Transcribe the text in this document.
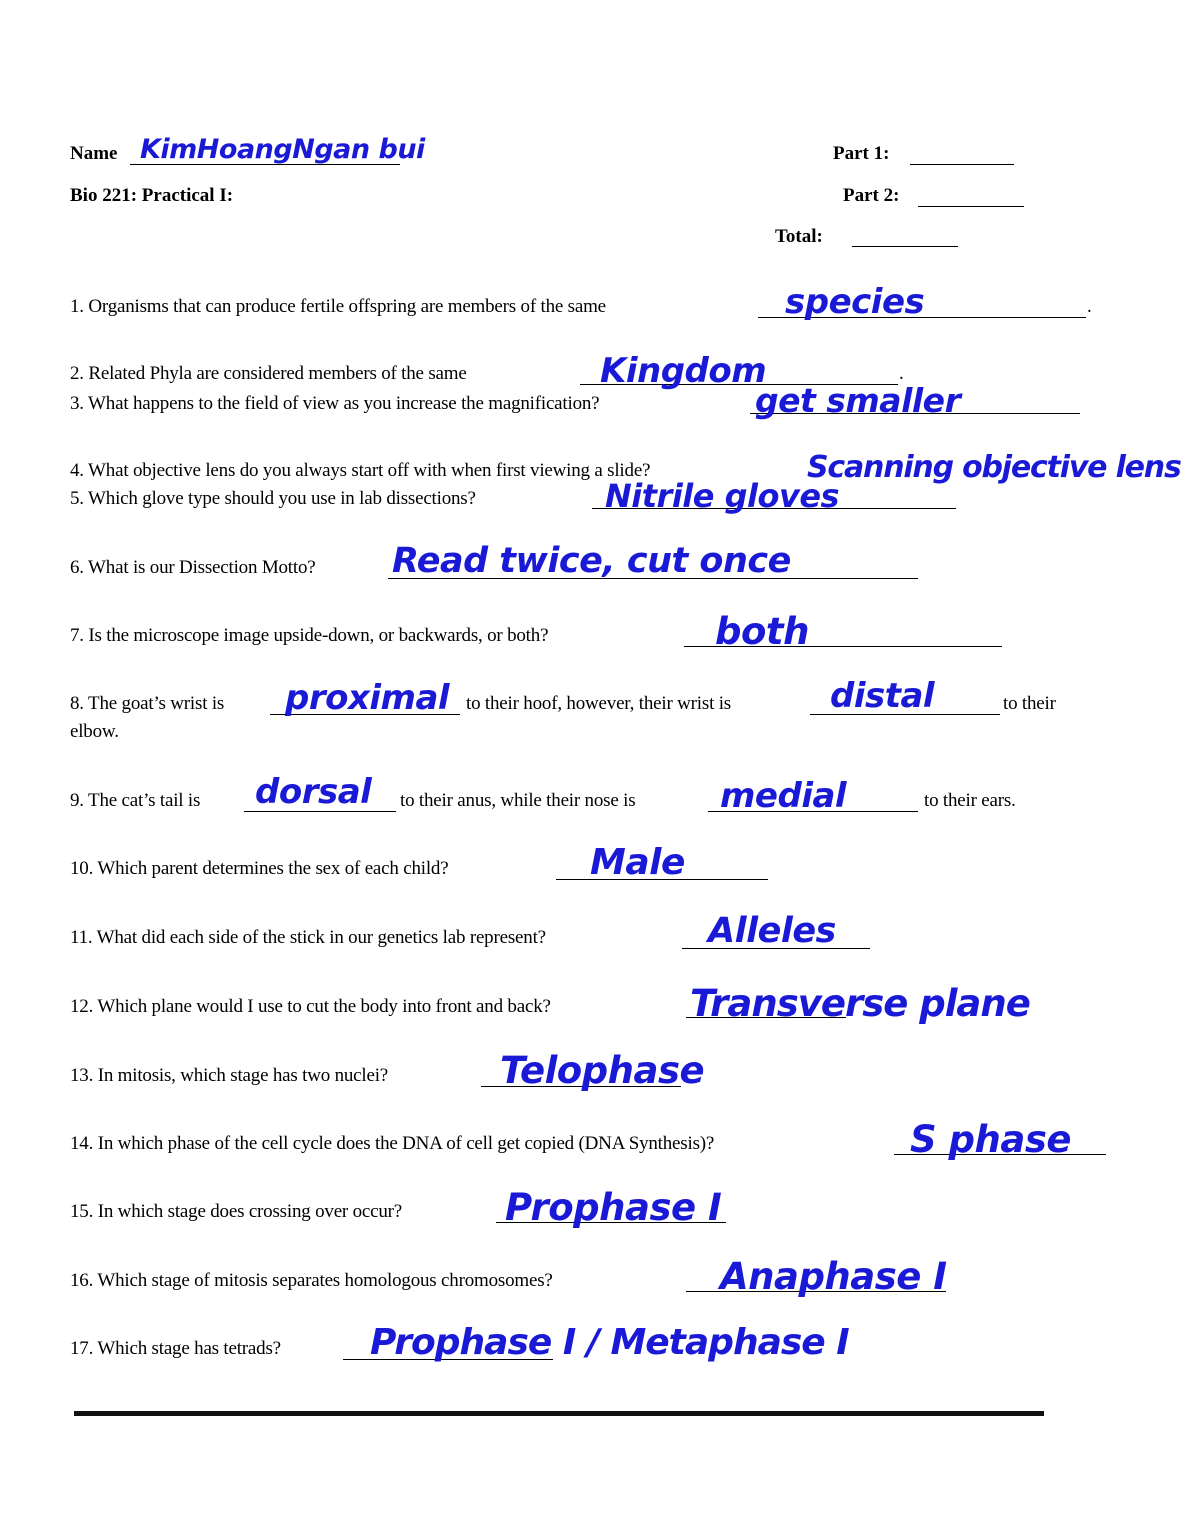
Name KimHoangNgan bui
Bio 221: Practical I:
Part 1:
Part 2:
Total:
1. Organisms that can produce fertile offspring are members of the same	.
species
2. Related Phyla are considered members of the same	.
Kingdom
3. What happens to the field of view as you increase the magnification?	get smaller
4. What objective lens do you always start off with when first viewing a slide?	Scanning objective lens
5. Which glove type should you use in lab dissections?	Nitrile gloves
6. What is our Dissection Motto? Read twice, cut once
7. Is the microscope image upside-down, or backwards, or both?	both
8. The goat’s wrist is proximal to their hoof, however, their wrist is	distal	to their
elbow.
9. The cat’s tail is dorsal to their anus, while their nose is medial	to their ears.
10. Which parent determines the sex of each child?	Male
11. What did each side of the stick in our genetics lab represent?	Alleles
12. Which plane would I use to cut the body into front and back?	Transverse plane
13. In mitosis, which stage has two nuclei?	Telophase
14. In which phase of the cell cycle does the DNA of cell get copied (DNA Synthesis)?	S phase
15. In which stage does crossing over occur?	Prophase I
16. Which stage of mitosis separates homologous chromosomes?	Anaphase I
17. Which stage has tetrads? Prophase I / Metaphase I
